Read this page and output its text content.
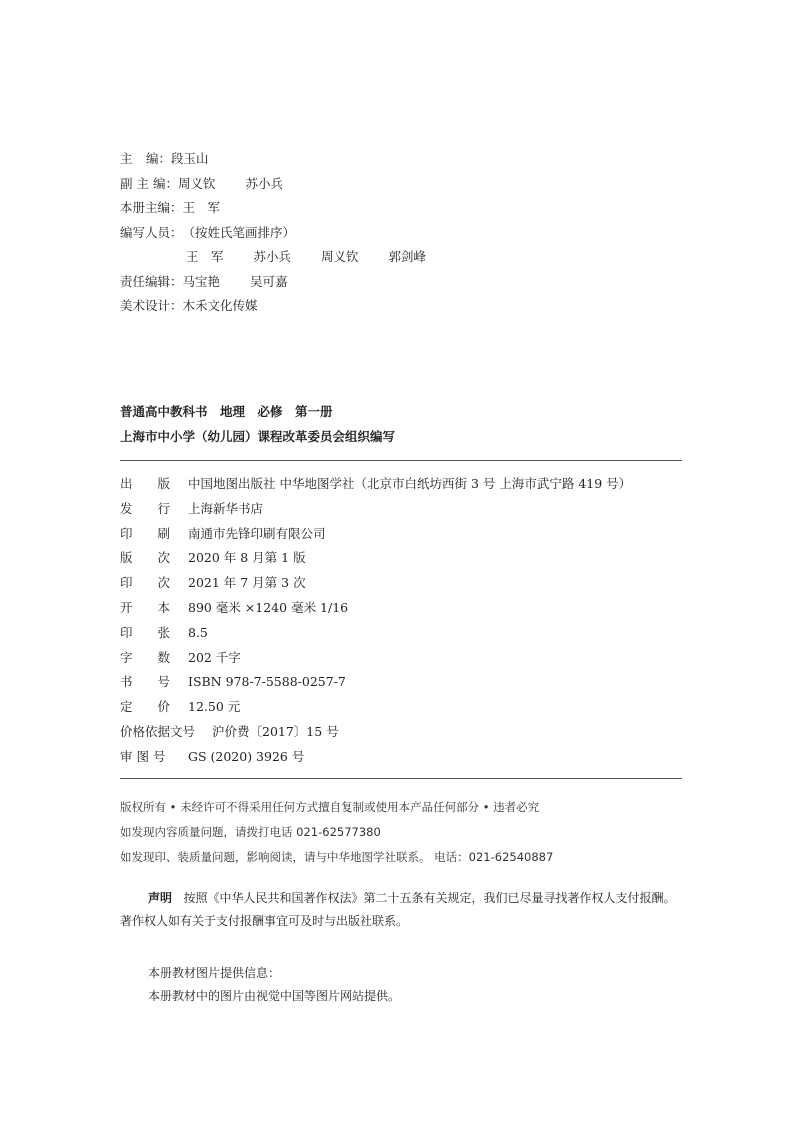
主 编：段玉山
副 主 编：周义钦 苏小兵
本册主编：王　军
编写人员：（按姓氏笔画排序）
王　军 苏小兵 周义钦 郭剑峰
责任编辑：马宝艳 吴可嘉
美术设计：木禾文化传媒
普通高中教科书　地理　必修　第一册
上海市中小学（幼儿园）课程改革委员会组织编写
出　　版 中国地图出版社 中华地图学社（北京市白纸坊西街 3 号 上海市武宁路 419 号）
发　　行 上海新华书店
印　　刷 南通市先锋印刷有限公司
版　　次 2020 年 8 月第 1 版
印　　次 2021 年 7 月第 3 次
开　　本 890 毫米 ×1240 毫米 1/16
印　　张 8.5
字　　数 202 千字
书　　号 ISBN 978-7-5588-0257-7
定　　价 12.50 元
价格依据文号 沪价费〔2017〕15 号
审 图 号 GS (2020) 3926 号
版权所有 • 未经许可不得采用任何方式擅自复制或使用本产品任何部分 • 违者必究
如发现内容质量问题，请拨打电话 021-62577380
如发现印、装质量问题，影响阅读，请与中华地图学社联系。 电话：021-62540887
声明 按照《中华人民共和国著作权法》第二十五条有关规定，我们已尽量寻找著作权人支付报酬。著作权人如有关于支付报酬事宜可及时与出版社联系。
本册教材图片提供信息：
本册教材中的图片由视觉中国等图片网站提供。
